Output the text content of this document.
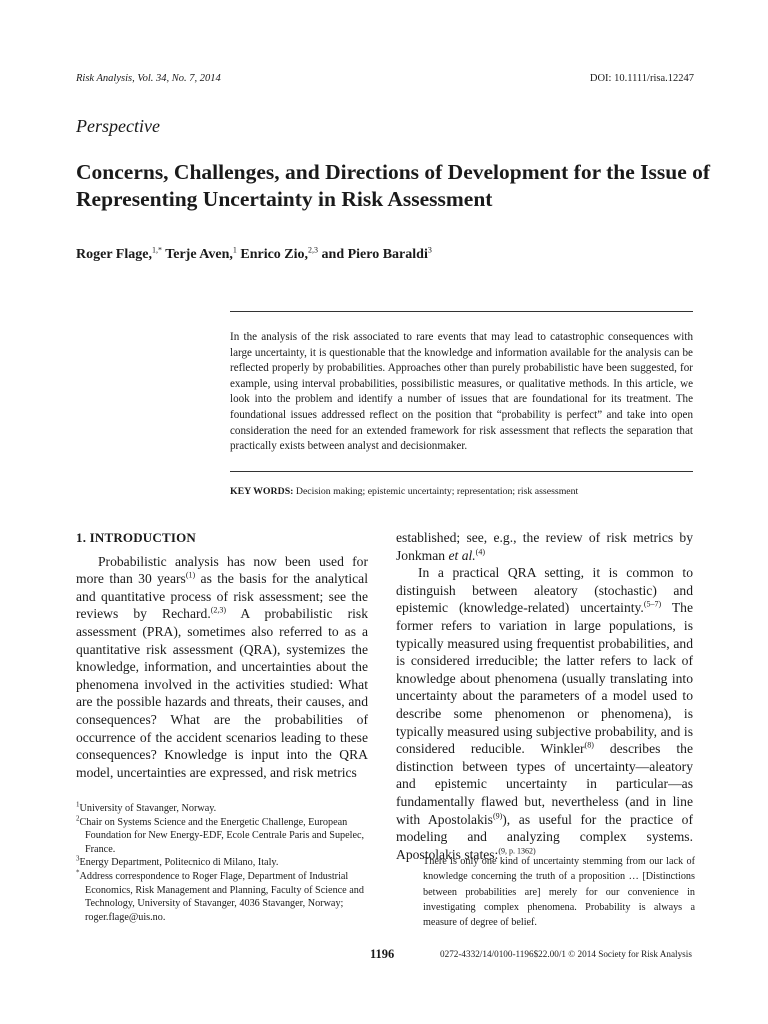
Risk Analysis, Vol. 34, No. 7, 2014	DOI: 10.1111/risa.12247
Perspective
Concerns, Challenges, and Directions of Development for the Issue of Representing Uncertainty in Risk Assessment
Roger Flage,$^{1,*}$ Terje Aven,$^1$ Enrico Zio,$^{2,3}$ and Piero Baraldi$^3$

In the analysis of the risk associated to rare events that may lead to catastrophic consequences with large uncertainty, it is questionable that the knowledge and information available for the analysis can be reflected properly by probabilities. Approaches other than purely probabilistic have been suggested, for example, using interval probabilities, possibilistic measures, or qualitative methods. In this article, we look into the problem and identify a number of issues that are foundational for its treatment. The foundational issues addressed reflect on the position that “probability is perfect” and take into open consideration the need for an extended framework for risk assessment that reflects the separation that practically exists between analyst and decisionmaker.

KEY WORDS: Decision making; epistemic uncertainty; representation; risk assessment
1. INTRODUCTION

Probabilistic analysis has now been used for more than 30 years$^{(1)}$ as the basis for the analytical and quantitative process of risk assessment; see the reviews by Rechard.$^{(2,3)}$ A probabilistic risk assessment (PRA), sometimes also referred to as a quantitative risk assessment (QRA), systemizes the knowledge, information, and uncertainties about the phenomena involved in the activities studied: What are the possible hazards and threats, their causes, and consequences? What are the probabilities of occurrence of the accident scenarios leading to these consequences? Knowledge is input into the QRA model, uncertainties are expressed, and risk metrics

$^1$University of Stavanger, Norway.
$^2$Chair on Systems Science and the Energetic Challenge, European Foundation for New Energy-EDF, Ecole Centrale Paris and Supelec, France.
$^3$Energy Department, Politecnico di Milano, Italy.
*Address correspondence to Roger Flage, Department of Industrial Economics, Risk Management and Planning, Faculty of Science and Technology, University of Stavanger, 4036 Stavanger, Norway; roger.flage@uis.no.

established; see, e.g., the review of risk metrics by Jonkman et al.$^{(4)}$

In a practical QRA setting, it is common to distinguish between aleatory (stochastic) and epistemic (knowledge-related) uncertainty.$^{(5-7)}$ The former refers to variation in large populations, is typically measured using frequentist probabilities, and is considered irreducible; the latter refers to lack of knowledge about phenomena (usually translating into uncertainty about the parameters of a model used to describe some phenomenon or phenomena), is typically measured using subjective probability, and is considered reducible. Winkler$^{(8)}$ describes the distinction between types of uncertainty—aleatory and epistemic uncertainty in particular—as fundamentally flawed but, nevertheless (and in line with Apostolakis$^{(9)}$), as useful for the practice of modeling and analyzing complex systems. Apostolakis states:$^{(9, p. 1362)}$

There is only one kind of uncertainty stemming from our lack of knowledge concerning the truth of a proposition … [Distinctions between probabilities are] merely for our convenience in investigating complex phenomena. Probability is always a measure of degree of belief.

1196	0272-4332/14/0100-1196$22.00/1 © 2014 Society for Risk Analysis
